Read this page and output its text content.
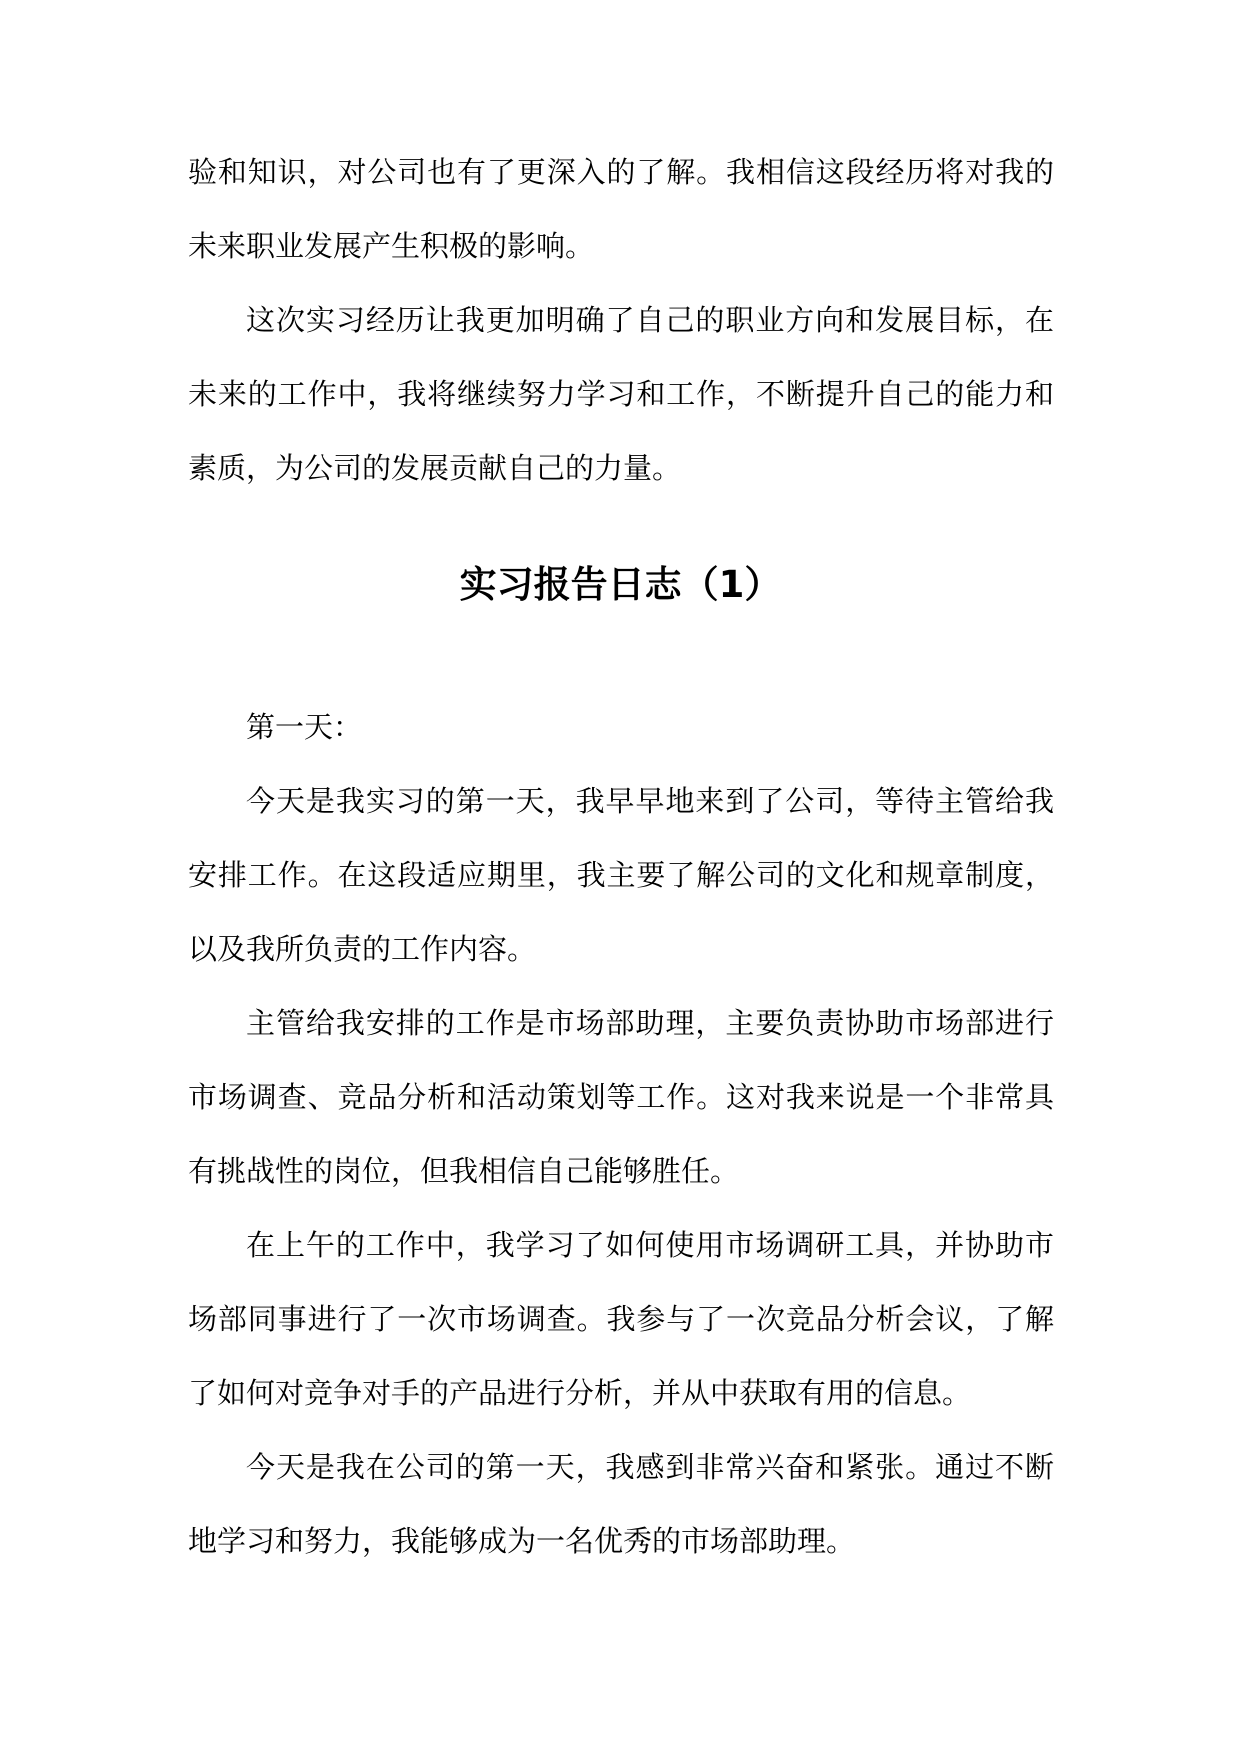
验和知识，对公司也有了更深入的了解。我相信这段经历将对我的未来职业发展产生积极的影响。

这次实习经历让我更加明确了自己的职业方向和发展目标，在未来的工作中，我将继续努力学习和工作，不断提升自己的能力和素质，为公司的发展贡献自己的力量。

实习报告日志（1）

第一天：

今天是我实习的第一天，我早早地来到了公司，等待主管给我安排工作。在这段适应期里，我主要了解公司的文化和规章制度，以及我所负责的工作内容。

主管给我安排的工作是市场部助理，主要负责协助市场部进行市场调查、竞品分析和活动策划等工作。这对我来说是一个非常具有挑战性的岗位，但我相信自己能够胜任。

在上午的工作中，我学习了如何使用市场调研工具，并协助市场部同事进行了一次市场调查。我参与了一次竞品分析会议，了解了如何对竞争对手的产品进行分析，并从中获取有用的信息。

今天是我在公司的第一天，我感到非常兴奋和紧张。通过不断地学习和努力，我能够成为一名优秀的市场部助理。
